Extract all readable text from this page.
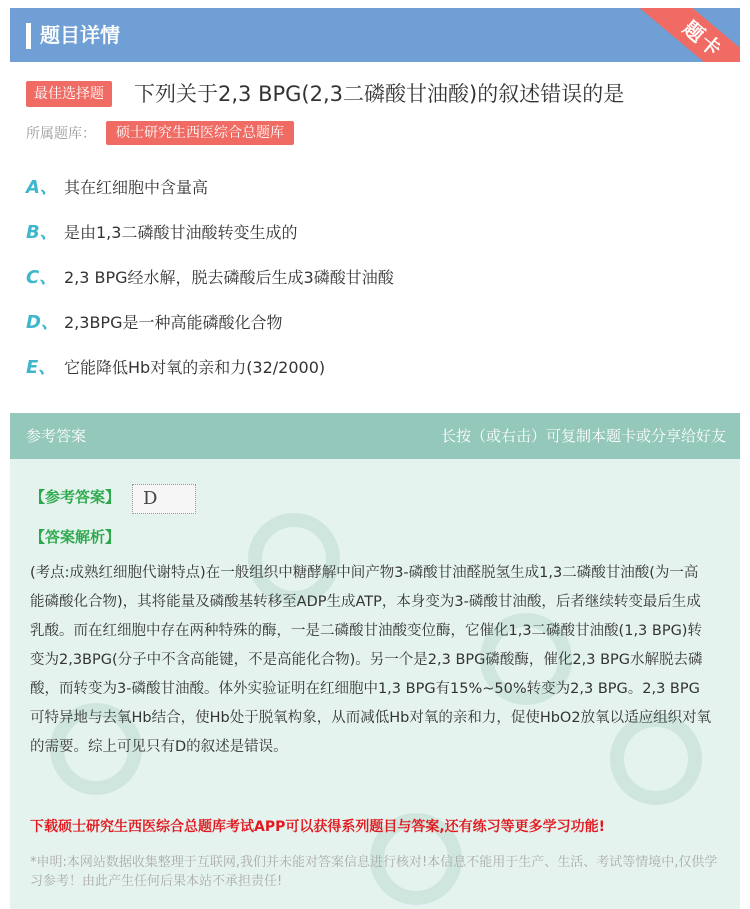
题目详情	题卡
最佳选择题	下列关于2,3 BPG(2,3二磷酸甘油酸)的叙述错误的是
所属题库：	硕士研究生西医综合总题库
A、 其在红细胞中含量高
B、 是由1,3二磷酸甘油酸转变生成的
C、 2,3 BPG经水解，脱去磷酸后生成3磷酸甘油酸
D、 2,3BPG是一种高能磷酸化合物
E、 它能降低Hb对氧的亲和力(32/2000)
参考答案	长按（或右击）可复制本题卡或分享给好友
【参考答案】 D
【答案解析】

(考点:成熟红细胞代谢特点)在一般组织中糖酵解中间产物3-磷酸甘油醛脱氢生成1,3二磷酸甘油酸(为一高能磷酸化合物)，其将能量及磷酸基转移至ADP生成ATP，本身变为3-磷酸甘油酸，后者继续转变最后生成乳酸。而在红细胞中存在两种特殊的酶，一是二磷酸甘油酸变位酶，它催化1,3二磷酸甘油酸(1,3 BPG)转变为2,3BPG(分子中不含高能键，不是高能化合物)。另一个是2,3 BPG磷酸酶，催化2,3 BPG水解脱去磷酸，而转变为3-磷酸甘油酸。体外实验证明在红细胞中1,3 BPG有15%~50%转变为2,3 BPG。2,3 BPG可特异地与去氧Hb结合，使Hb处于脱氧构象，从而减低Hb对氧的亲和力，促使HbO2放氧以适应组织对氧的需要。综上可见只有D的叙述是错误。

下载硕士研究生西医综合总题库考试APP可以获得系列题目与答案,还有练习等更多学习功能!

*申明:本网站数据收集整理于互联网,我们并未能对答案信息进行核对!本信息不能用于生产、生活、考试等情境中,仅供学习参考！由此产生任何后果本站不承担责任!
